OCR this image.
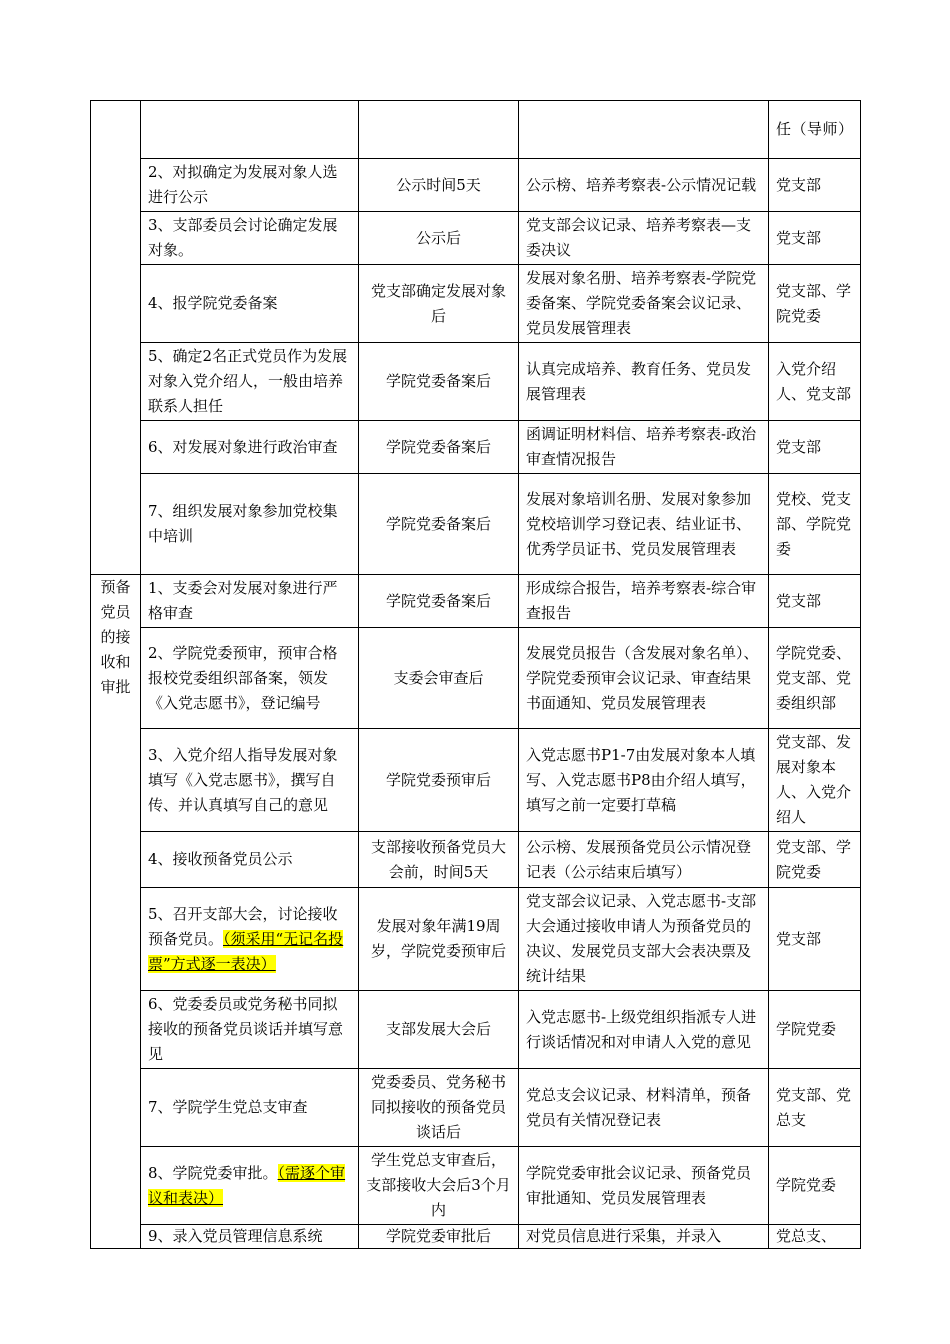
				任（导师）
	2、对拟确定为发展对象人选进行公示	公示时间5天	公示榜、培养考察表-公示情况记载	党支部
	3、支部委员会讨论确定发展对象。	公示后	党支部会议记录、培养考察表—支委决议	党支部
	4、报学院党委备案	党支部确定发展对象后	发展对象名册、培养考察表-学院党委备案、学院党委备案会议记录、党员发展管理表	党支部、学院党委
	5、确定2名正式党员作为发展对象入党介绍人，一般由培养联系人担任	学院党委备案后	认真完成培养、教育任务、党员发展管理表	入党介绍人、党支部
	6、对发展对象进行政治审查	学院党委备案后	函调证明材料信、培养考察表-政治审查情况报告	党支部
	7、组织发展对象参加党校集中培训	学院党委备案后	发展对象培训名册、发展对象参加党校培训学习登记表、结业证书、优秀学员证书、党员发展管理表	党校、党支部、学院党委
预备党员的接收和审批	1、支委会对发展对象进行严格审查	学院党委备案后	形成综合报告，培养考察表-综合审查报告	党支部
	2、学院党委预审，预审合格报校党委组织部备案，领发《入党志愿书》，登记编号	支委会审查后	发展党员报告（含发展对象名单）、学院党委预审会议记录、审查结果书面通知、党员发展管理表	学院党委、党支部、党委组织部
	3、入党介绍人指导发展对象填写《入党志愿书》，撰写自传、并认真填写自己的意见	学院党委预审后	入党志愿书P1-7由发展对象本人填写、入党志愿书P8由介绍人填写，填写之前一定要打草稿	党支部、发展对象本人、入党介绍人
	4、接收预备党员公示	支部接收预备党员大会前，时间5天	公示榜、发展预备党员公示情况登记表（公示结束后填写）	党支部、学院党委
	5、召开支部大会，讨论接收预备党员。（须采用“无记名投票”方式逐一表决）	发展对象年满19周岁，学院党委预审后	党支部会议记录、入党志愿书-支部大会通过接收申请人为预备党员的决议、发展党员支部大会表决票及统计结果	党支部
	6、党委委员或党务秘书同拟接收的预备党员谈话并填写意见	支部发展大会后	入党志愿书-上级党组织指派专人进行谈话情况和对申请人入党的意见	学院党委
	7、学院学生党总支审查	党委委员、党务秘书同拟接收的预备党员谈话后	党总支会议记录、材料清单，预备党员有关情况登记表	党支部、党总支
	8、学院党委审批。（需逐个审议和表决）	学生党总支审查后，支部接收大会后3个月内	学院党委审批会议记录、预备党员审批通知、党员发展管理表	学院党委
	9、录入党员管理信息系统	学院党委审批后	对党员信息进行采集，并录入	党总支、
